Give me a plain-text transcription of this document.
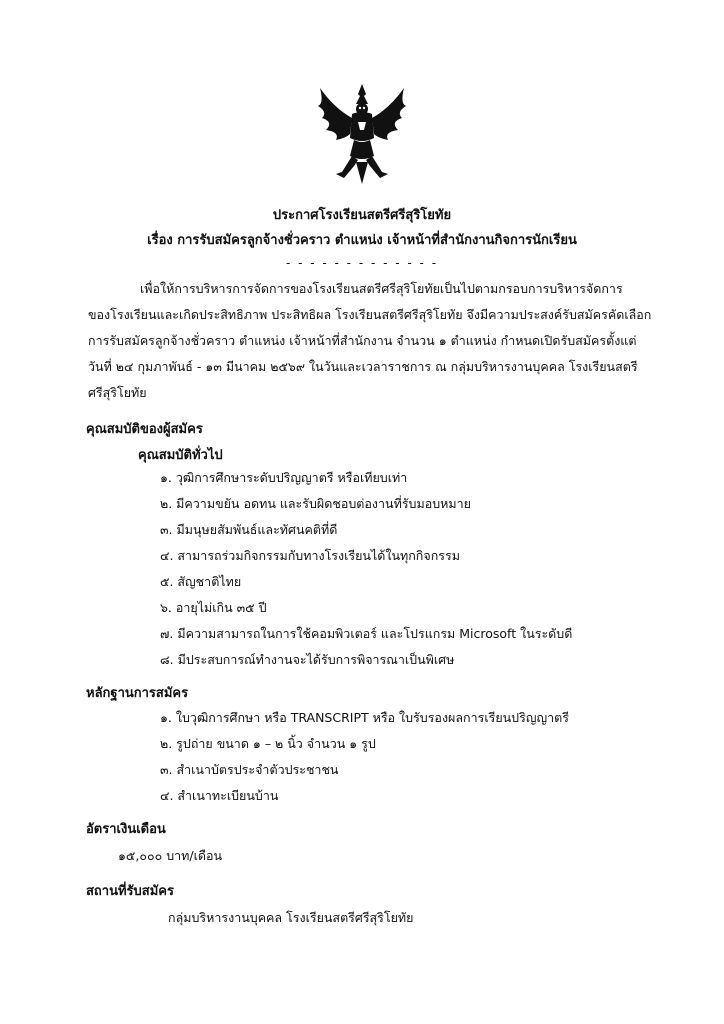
ประกาศโรงเรียนสตรีศรีสุริโยทัย
เรื่อง การรับสมัครลูกจ้างชั่วคราว ตำแหน่ง เจ้าหน้าที่สำนักงานกิจการนักเรียน
- - - - - - - - - - - - -
เพื่อให้การบริหารการจัดการของโรงเรียนสตรีศรีสุริโยทัยเป็นไปตามกรอบการบริหารจัดการ
ของโรงเรียนและเกิดประสิทธิภาพ ประสิทธิผล โรงเรียนสตรีศรีสุริโยทัย จึงมีความประสงค์รับสมัครคัดเลือก
การรับสมัครลูกจ้างชั่วคราว ตำแหน่ง เจ้าหน้าที่สำนักงาน จำนวน ๑ ตำแหน่ง กำหนดเปิดรับสมัครตั้งแต่
วันที่ ๒๔ กุมภาพันธ์ - ๑๓ มีนาคม ๒๕๖๙ ในวันและเวลาราชการ ณ กลุ่มบริหารงานบุคคล โรงเรียนสตรี
ศรีสุริโยทัย
คุณสมบัติของผู้สมัคร
คุณสมบัติทั่วไป
๑. วุฒิการศึกษาระดับปริญญาตรี หรือเทียบเท่า
๒. มีความขยัน อดทน และรับผิดชอบต่องานที่รับมอบหมาย
๓. มีมนุษยสัมพันธ์และทัศนคติที่ดี
๔. สามารถร่วมกิจกรรมกับทางโรงเรียนได้ในทุกกิจกรรม
๕. สัญชาติไทย
๖. อายุไม่เกิน ๓๕ ปี
๗. มีความสามารถในการใช้คอมพิวเตอร์ และโปรแกรม Microsoft ในระดับดี
๘. มีประสบการณ์ทำงานจะได้รับการพิจารณาเป็นพิเศษ
หลักฐานการสมัคร
๑. ใบวุฒิการศึกษา หรือ TRANSCRIPT หรือ ใบรับรองผลการเรียนปริญญาตรี
๒. รูปถ่าย ขนาด ๑ – ๒ นิ้ว จำนวน ๑ รูป
๓. สำเนาบัตรประจำตัวประชาชน
๔. สำเนาทะเบียนบ้าน
อัตราเงินเดือน
๑๕,๐๐๐ บาท/เดือน
สถานที่รับสมัคร
กลุ่มบริหารงานบุคคล โรงเรียนสตรีศรีสุริโยทัย
